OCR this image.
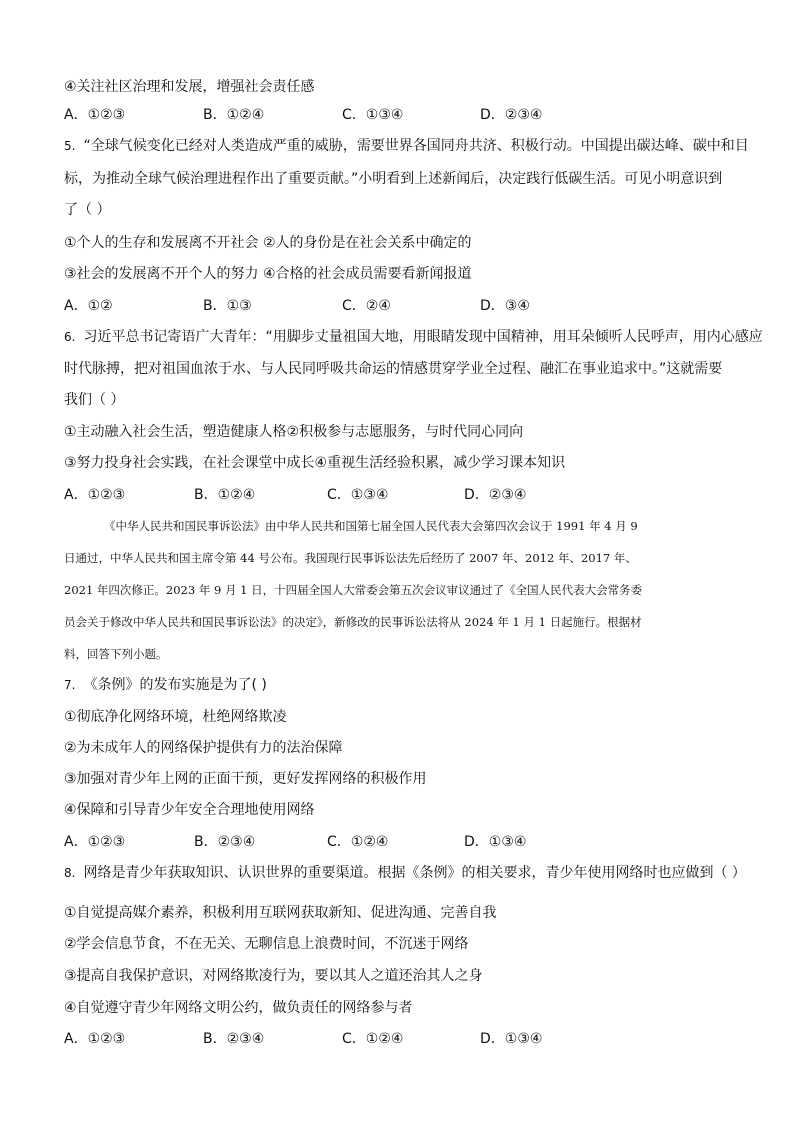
④关注社区治理和发展，增强社会责任感
A．①②③	B．①②④	C．①③④	D．②③④
5. “全球气候变化已经对人类造成严重的威胁，需要世界各国同舟共济、积极行动。中国提出碳达峰、碳中和目
标，为推动全球气候治理进程作出了重要贡献。”小明看到上述新闻后，决定践行低碳生活。可见小明意识到
了（ ）
①个人的生存和发展离不开社会 ②人的身份是在社会关系中确定的
③社会的发展离不开个人的努力 ④合格的社会成员需要看新闻报道
A．①②	B．①③	C．②④	D．③④
6. 习近平总书记寄语广大青年：“用脚步丈量祖国大地，用眼睛发现中国精神，用耳朵倾听人民呼声，用内心感应
时代脉搏，把对祖国血浓于水、与人民同呼吸共命运的情感贯穿学业全过程、融汇在事业追求中。”这就需要
我们（ ）
①主动融入社会生活，塑造健康人格②积极参与志愿服务，与时代同心同向
③努力投身社会实践，在社会课堂中成长④重视生活经验积累，减少学习课本知识
A．①②③	B．①②④	C．①③④	D．②③④
《中华人民共和国民事诉讼法》由中华人民共和国第七届全国人民代表大会第四次会议于 1991 年 4 月 9
日通过，中华人民共和国主席令第 44 号公布。我国现行民事诉讼法先后经历了 2007 年、2012 年、2017 年、
2021 年四次修正。2023 年 9 月 1 日，十四届全国人大常委会第五次会议审议通过了《全国人民代表大会常务委
员会关于修改中华人民共和国民事诉讼法》的决定》，新修改的民事诉讼法将从 2024 年 1 月 1 日起施行。根据材
料，回答下列小题。
7. 《条例》的发布实施是为了( )
①彻底净化网络环境，杜绝网络欺凌
②为未成年人的网络保护提供有力的法治保障
③加强对青少年上网的正面干预，更好发挥网络的积极作用
④保障和引导青少年安全合理地使用网络
A．①②③	B．②③④	C．①②④	D．①③④
8. 网络是青少年获取知识、认识世界的重要渠道。根据《条例》的相关要求，青少年使用网络时也应做到（ ）
①自觉提高媒介素养，积极利用互联网获取新知、促进沟通、完善自我
②学会信息节食，不在无关、无聊信息上浪费时间，不沉迷于网络
③提高自我保护意识，对网络欺凌行为，要以其人之道还治其人之身
④自觉遵守青少年网络文明公约，做负责任的网络参与者
A．①②③	B．②③④	C．①②④	D．①③④
